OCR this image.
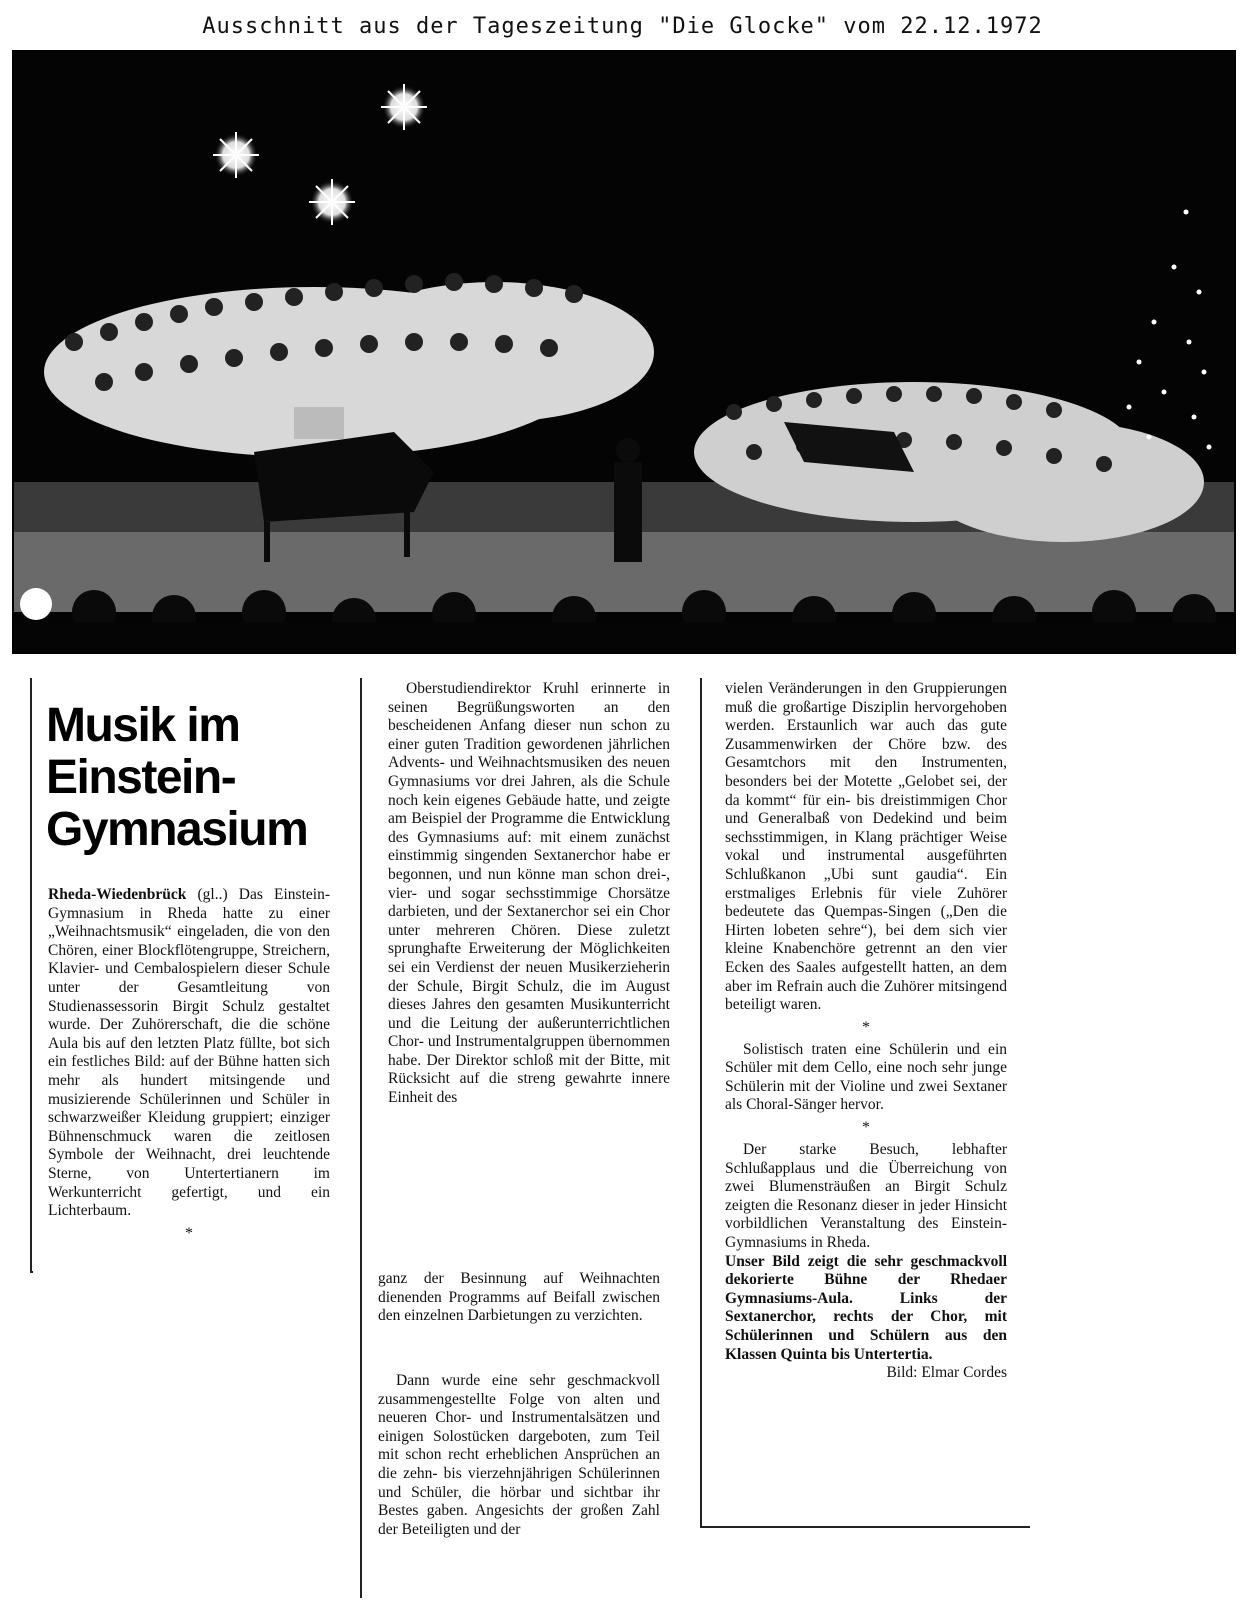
Ausschnitt aus der Tageszeitung "Die Glocke" vom 22.12.1972
Musik im
Einstein-
Gymnasium

Rheda-Wiedenbrück (gl..) Das Einstein-Gymnasium in Rheda hatte zu einer „Weihnachtsmusik“ eingeladen, die von den Chören, einer Blockflötengruppe, Streichern, Klavier- und Cembalospielern dieser Schule unter der Gesamtleitung von Studienassessorin Birgit Schulz gestaltet wurde. Der Zuhörerschaft, die die schöne Aula bis auf den letzten Platz füllte, bot sich ein festliches Bild: auf der Bühne hatten sich mehr als hundert mitsingende und musizierende Schülerinnen und Schüler in schwarzweißer Kleidung gruppiert; einziger Bühnenschmuck waren die zeitlosen Symbole der Weihnacht, drei leuchtende Sterne, von Untertertianern im Werkunterricht gefertigt, und ein Lichterbaum.

*

Oberstudiendirektor Kruhl erinnerte in seinen Begrüßungsworten an den bescheidenen Anfang dieser nun schon zu einer guten Tradition gewordenen jährlichen Advents- und Weihnachtsmusiken des neuen Gymnasiums vor drei Jahren, als die Schule noch kein eigenes Gebäude hatte, und zeigte am Beispiel der Programme die Entwicklung des Gymnasiums auf: mit einem zunächst einstimmig singenden Sextanerchor habe er begonnen, und nun könne man schon drei-, vier- und sogar sechsstimmige Chorsätze darbieten, und der Sextanerchor sei ein Chor unter mehreren Chören. Diese zuletzt sprunghafte Erweiterung der Möglichkeiten sei ein Verdienst der neuen Musikerzieherin der Schule, Birgit Schulz, die im August dieses Jahres den gesamten Musikunterricht und die Leitung der außerunterrichtlichen Chor- und Instrumentalgruppen übernommen habe. Der Direktor schloß mit der Bitte, mit Rücksicht auf die streng gewahrte innere Einheit des

ganz der Besinnung auf Weihnachten dienenden Programms auf Beifall zwischen den einzelnen Darbietungen zu verzichten.

Dann wurde eine sehr geschmackvoll zusammengestellte Folge von alten und neueren Chor- und Instrumentalsätzen und einigen Solostücken dargeboten, zum Teil mit schon recht erheblichen Ansprüchen an die zehn- bis vierzehnjährigen Schülerinnen und Schüler, die hörbar und sichtbar ihr Bestes gaben. Angesichts der großen Zahl der Beteiligten und der

vielen Veränderungen in den Gruppierungen muß die großartige Disziplin hervorgehoben werden. Erstaunlich war auch das gute Zusammenwirken der Chöre bzw. des Gesamtchors mit den Instrumenten, besonders bei der Motette „Gelobet sei, der da kommt“ für ein- bis dreistimmigen Chor und Generalbaß von Dedekind und beim sechsstimmigen, in Klang prächtiger Weise vokal und instrumental ausgeführten Schlußkanon „Ubi sunt gaudia“. Ein erstmaliges Erlebnis für viele Zuhörer bedeutete das Quempas-Singen („Den die Hirten lobeten sehre“), bei dem sich vier kleine Knabenchöre getrennt an den vier Ecken des Saales aufgestellt hatten, an dem aber im Refrain auch die Zuhörer mitsingend beteiligt waren.

*

Solistisch traten eine Schülerin und ein Schüler mit dem Cello, eine noch sehr junge Schülerin mit der Violine und zwei Sextaner als Choral-Sänger hervor.

*

Der starke Besuch, lebhafter Schlußapplaus und die Überreichung von zwei Blumensträußen an Birgit Schulz zeigten die Resonanz dieser in jeder Hinsicht vorbildlichen Veranstaltung des Einstein-Gymnasiums in Rheda.

Unser Bild zeigt die sehr geschmackvoll dekorierte Bühne der Rhedaer Gymnasiums-Aula. Links der Sextanerchor, rechts der Chor, mit Schülerinnen und Schülern aus den Klassen Quinta bis Untertertia.

Bild: Elmar Cordes
